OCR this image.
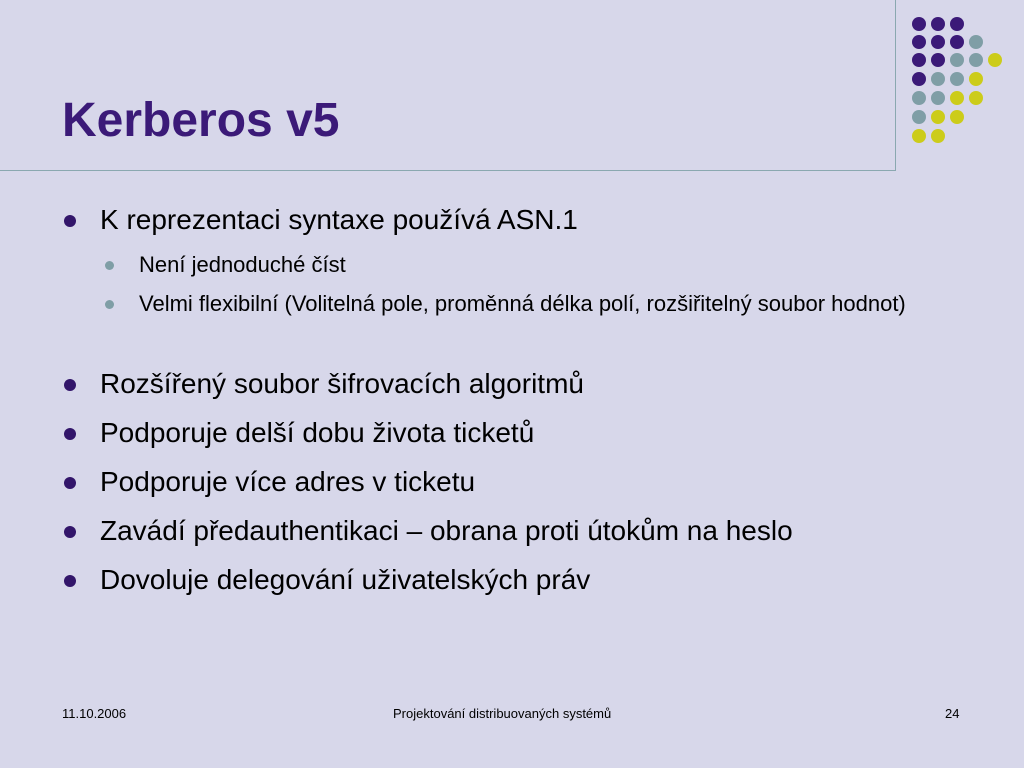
Kerberos v5
K reprezentaci syntaxe používá ASN.1
Není jednoduché číst
Velmi flexibilní (Volitelná pole, proměnná délka polí, rozšiřitelný soubor hodnot)
Rozšířený soubor šifrovacích algoritmů
Podporuje delší dobu života ticketů
Podporuje více adres v ticketu
Zavádí předauthentikaci – obrana proti útokům na heslo
Dovoluje delegování uživatelských práv
11.10.2006	Projektování distribuovaných systémů	24
